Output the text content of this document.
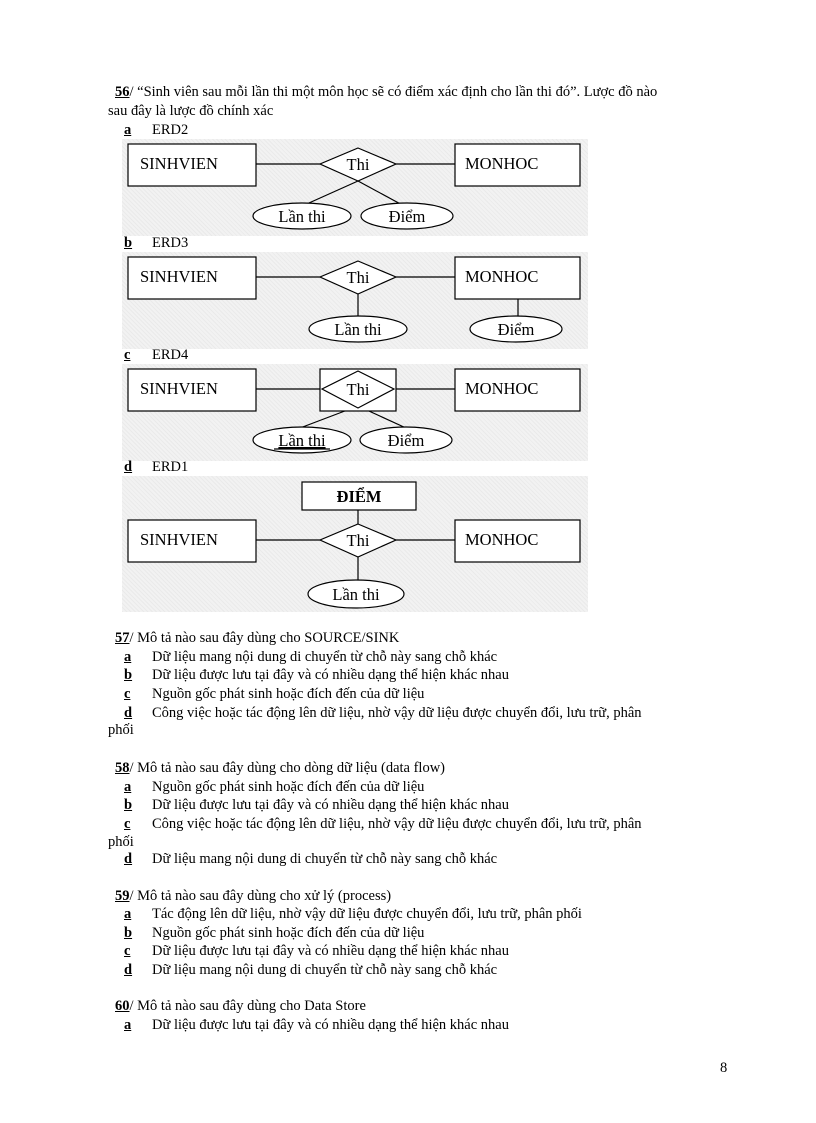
56/ “Sinh viên sau mỗi lần thi một môn học sẽ có điểm xác định cho lần thi đó”. Lược đồ nào
sau đây là lược đồ chính xác
a ERD2
SINHVIEN	MONHOC
Thi
Lần thi	Điểm
b ERD3
SINHVIEN	MONHOC
Thi
Lần thi	Điểm
c ERD4
SINHVIEN	MONHOC
Thi
Lần thi	Điểm
d ERD1
ĐIỂM
SINHVIEN	MONHOC
Thi
Lần thi
57/ Mô tả nào sau đây dùng cho SOURCE/SINK
a Dữ liệu mang nội dung di chuyển từ chỗ này sang chỗ khác
b Dữ liệu được lưu tại đây và có nhiều dạng thể hiện khác nhau
c Nguồn gốc phát sinh hoặc đích đến của dữ liệu
d Công việc hoặc tác động lên dữ liệu, nhờ vậy dữ liệu được chuyển đổi, lưu trữ, phân
phối
58/ Mô tả nào sau đây dùng cho dòng dữ liệu (data flow)
a Nguồn gốc phát sinh hoặc đích đến của dữ liệu
b Dữ liệu được lưu tại đây và có nhiều dạng thể hiện khác nhau
c Công việc hoặc tác động lên dữ liệu, nhờ vậy dữ liệu được chuyển đổi, lưu trữ, phân
phối
d Dữ liệu mang nội dung di chuyển từ chỗ này sang chỗ khác
59/ Mô tả nào sau đây dùng cho xử lý (process)
a Tác động lên dữ liệu, nhờ vậy dữ liệu được chuyển đổi, lưu trữ, phân phối
b Nguồn gốc phát sinh hoặc đích đến của dữ liệu
c Dữ liệu được lưu tại đây và có nhiều dạng thể hiện khác nhau
d Dữ liệu mang nội dung di chuyển từ chỗ này sang chỗ khác
60/ Mô tả nào sau đây dùng cho Data Store
a Dữ liệu được lưu tại đây và có nhiều dạng thể hiện khác nhau
8
